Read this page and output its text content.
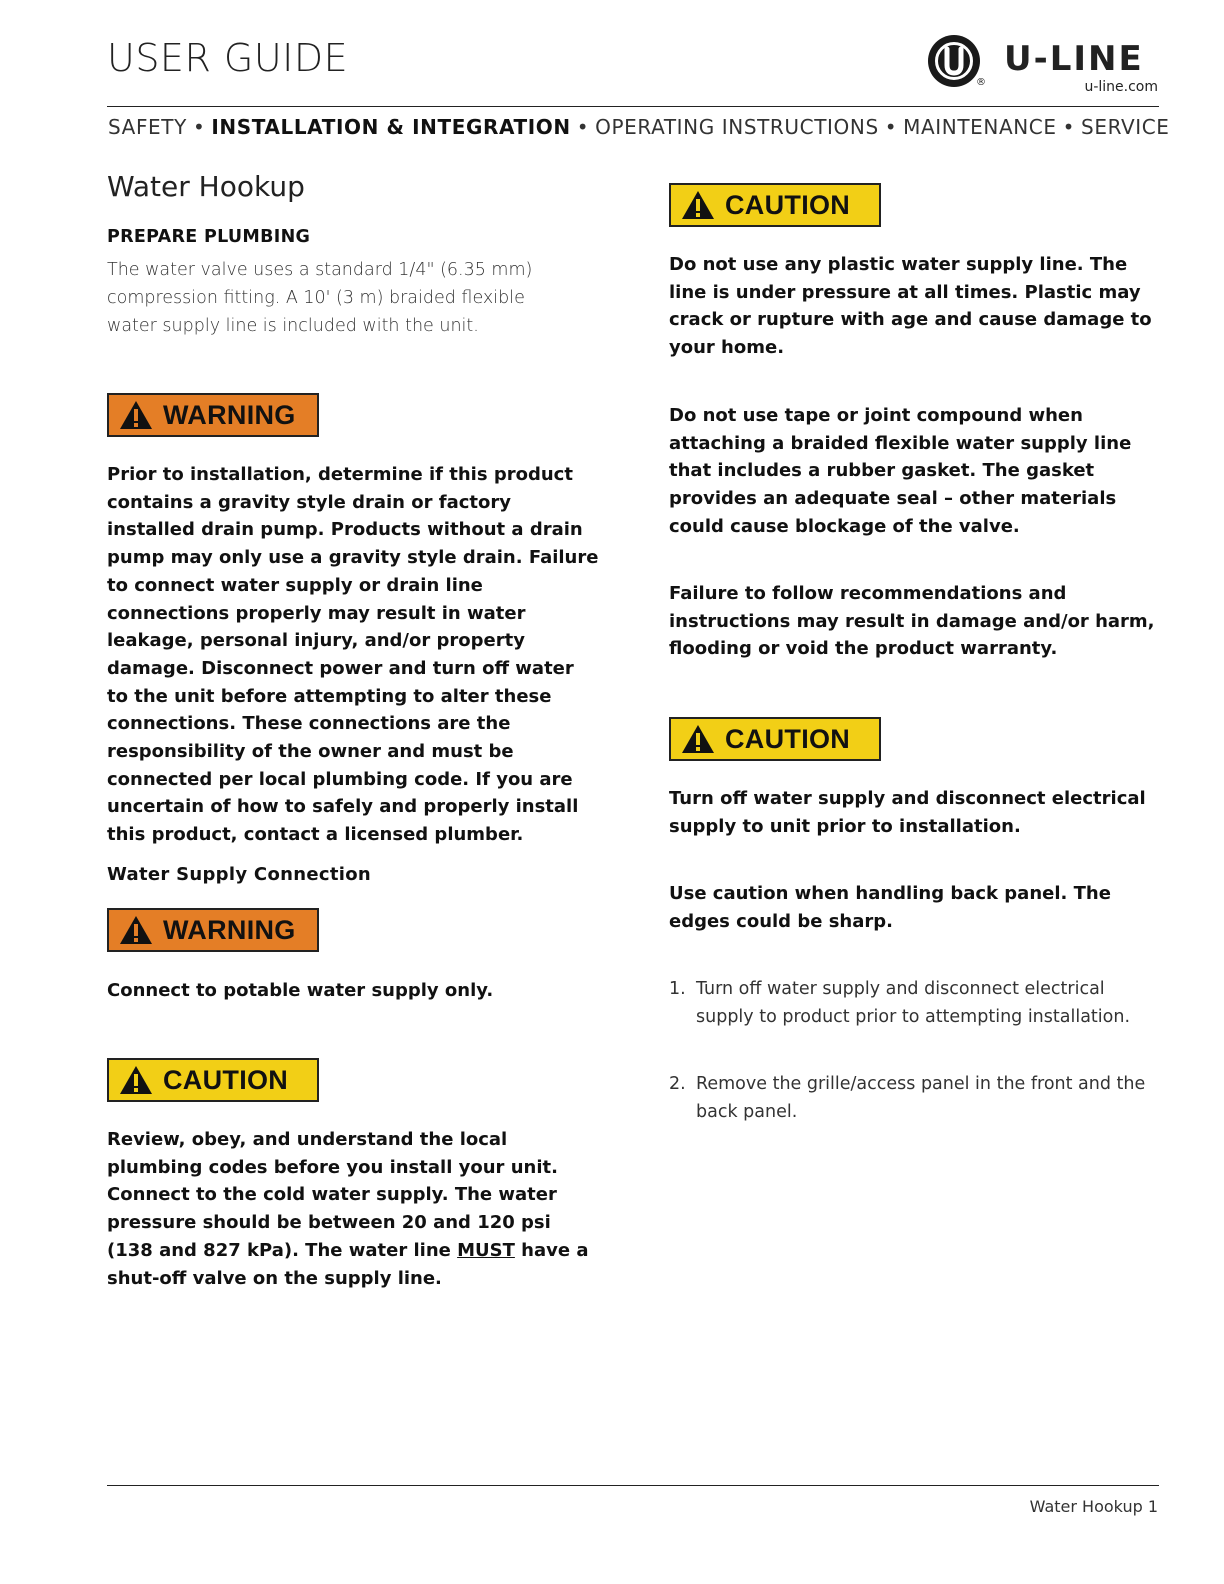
USER GUIDE
®
U-LINE
u-line.com
SAFETY • INSTALLATION & INTEGRATION • OPERATING INSTRUCTIONS • MAINTENANCE • SERVICE
Water Hookup
PREPARE PLUMBING
The water valve uses a standard 1/4" (6.35 mm) compression fitting. A 10' (3 m) braided flexible water supply line is included with the unit.
WARNING
Prior to installation, determine if this product contains a gravity style drain or factory installed drain pump. Products without a drain pump may only use a gravity style drain. Failure to connect water supply or drain line connections properly may result in water leakage, personal injury, and/or property damage. Disconnect power and turn off water to the unit before attempting to alter these connections. These connections are the responsibility of the owner and must be connected per local plumbing code. If you are uncertain of how to safely and properly install this product, contact a licensed plumber.
Water Supply Connection
WARNING
Connect to potable water supply only.
CAUTION
Review, obey, and understand the local plumbing codes before you install your unit. Connect to the cold water supply. The water pressure should be between 20 and 120 psi (138 and 827 kPa). The water line MUST have a shut-off valve on the supply line.
CAUTION
Do not use any plastic water supply line. The line is under pressure at all times. Plastic may crack or rupture with age and cause damage to your home.
Do not use tape or joint compound when attaching a braided flexible water supply line that includes a rubber gasket. The gasket provides an adequate seal – other materials could cause blockage of the valve.
Failure to follow recommendations and instructions may result in damage and/or harm, flooding or void the product warranty.
CAUTION
Turn off water supply and disconnect electrical supply to unit prior to installation.
Use caution when handling back panel. The edges could be sharp.
1. Turn off water supply and disconnect electrical supply to product prior to attempting installation.
2. Remove the grille/access panel in the front and the back panel.
Water Hookup 1
